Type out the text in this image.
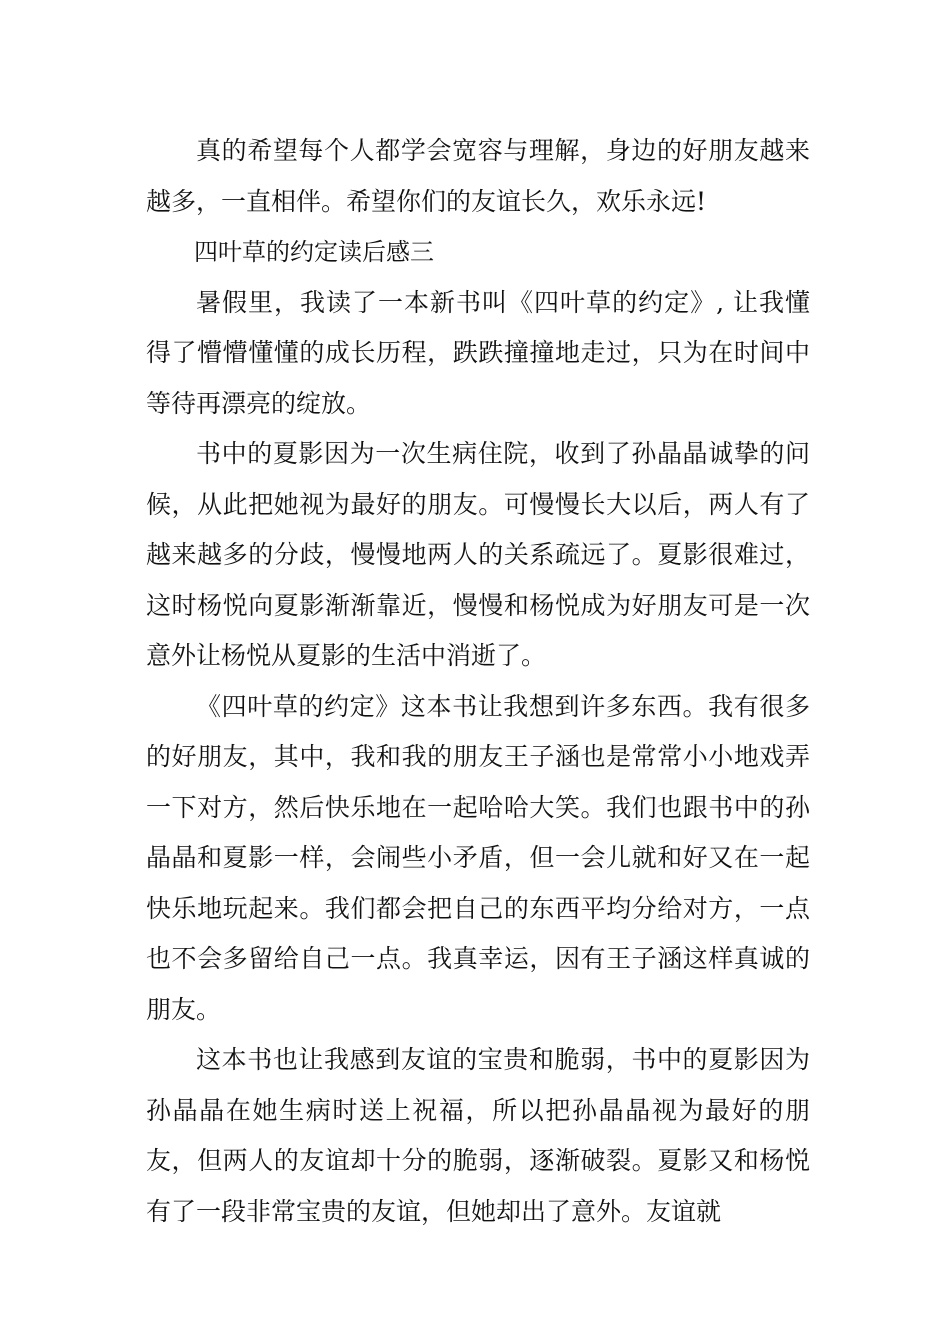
真的希望每个人都学会宽容与理解，身边的好朋友越来越多，一直相伴。希望你们的友谊长久，欢乐永远!

四叶草的约定读后感三

暑假里，我读了一本新书叫《四叶草的约定》, 让我懂得了懵懵懂懂的成长历程，跌跌撞撞地走过，只为在时间中等待再漂亮的绽放。

书中的夏影因为一次生病住院，收到了孙晶晶诚挚的问候，从此把她视为最好的朋友。可慢慢长大以后，两人有了越来越多的分歧，慢慢地两人的关系疏远了。夏影很难过，这时杨悦向夏影渐渐靠近，慢慢和杨悦成为好朋友可是一次意外让杨悦从夏影的生活中消逝了。

《四叶草的约定》这本书让我想到许多东西。我有很多的好朋友，其中，我和我的朋友王子涵也是常常小小地戏弄一下对方，然后快乐地在一起哈哈大笑。我们也跟书中的孙晶晶和夏影一样，会闹些小矛盾，但一会儿就和好又在一起快乐地玩起来。我们都会把自己的东西平均分给对方，一点也不会多留给自己一点。我真幸运，因有王子涵这样真诚的朋友。

这本书也让我感到友谊的宝贵和脆弱，书中的夏影因为孙晶晶在她生病时送上祝福，所以把孙晶晶视为最好的朋友，但两人的友谊却十分的脆弱，逐渐破裂。夏影又和杨悦有了一段非常宝贵的友谊，但她却出了意外。友谊就
